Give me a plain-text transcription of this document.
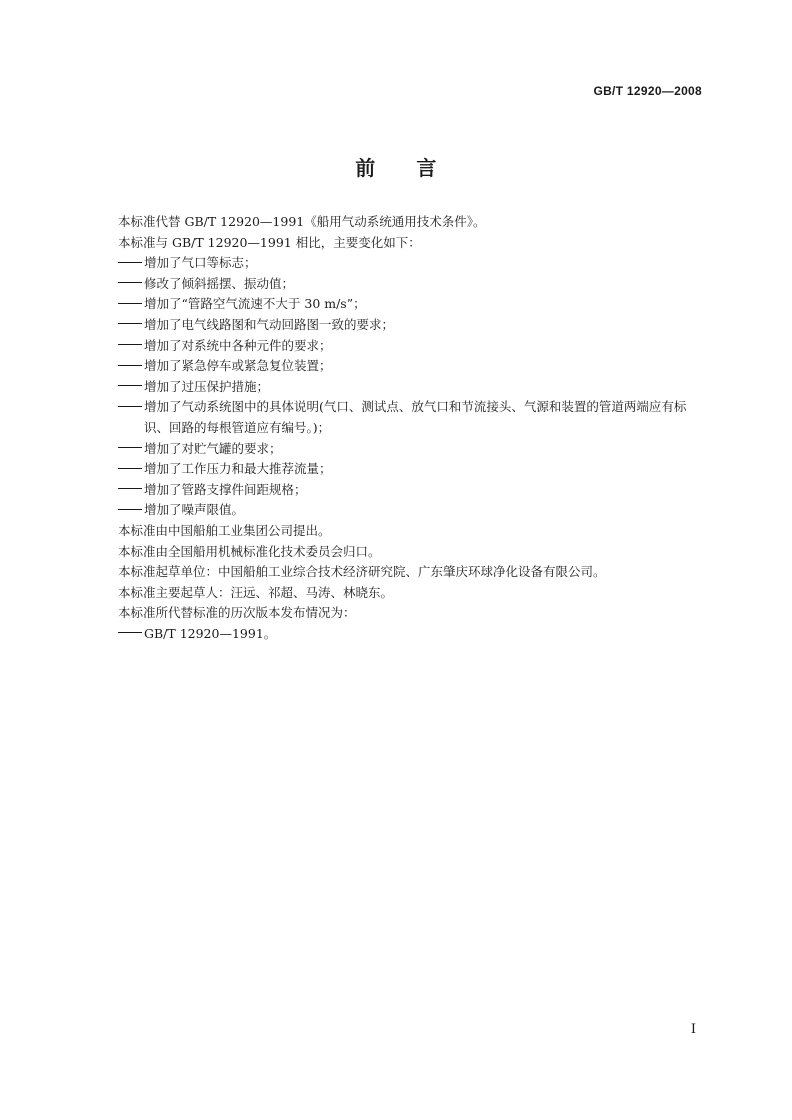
GB/T 12920—2008
前　　言

本标准代替 GB/T 12920—1991《船用气动系统通用技术条件》。

本标准与 GB/T 12920—1991 相比，主要变化如下：

增加了气口等标志；
修改了倾斜摇摆、振动值；
增加了“管路空气流速不大于 30 m/s”；
增加了电气线路图和气动回路图一致的要求；
增加了对系统中各种元件的要求；
增加了紧急停车或紧急复位装置；
增加了过压保护措施；
增加了气动系统图中的具体说明(气口、测试点、放气口和节流接头、气源和装置的管道两端应有标识、回路的每根管道应有编号。)；
增加了对贮气罐的要求；
增加了工作压力和最大推荐流量；
增加了管路支撑件间距规格；
增加了噪声限值。

本标准由中国船舶工业集团公司提出。

本标准由全国船用机械标准化技术委员会归口。

本标准起草单位：中国船舶工业综合技术经济研究院、广东肇庆环球净化设备有限公司。

本标准主要起草人：汪远、祁超、马涛、林晓东。

本标准所代替标准的历次版本发布情况为：

GB/T 12920—1991。
I
